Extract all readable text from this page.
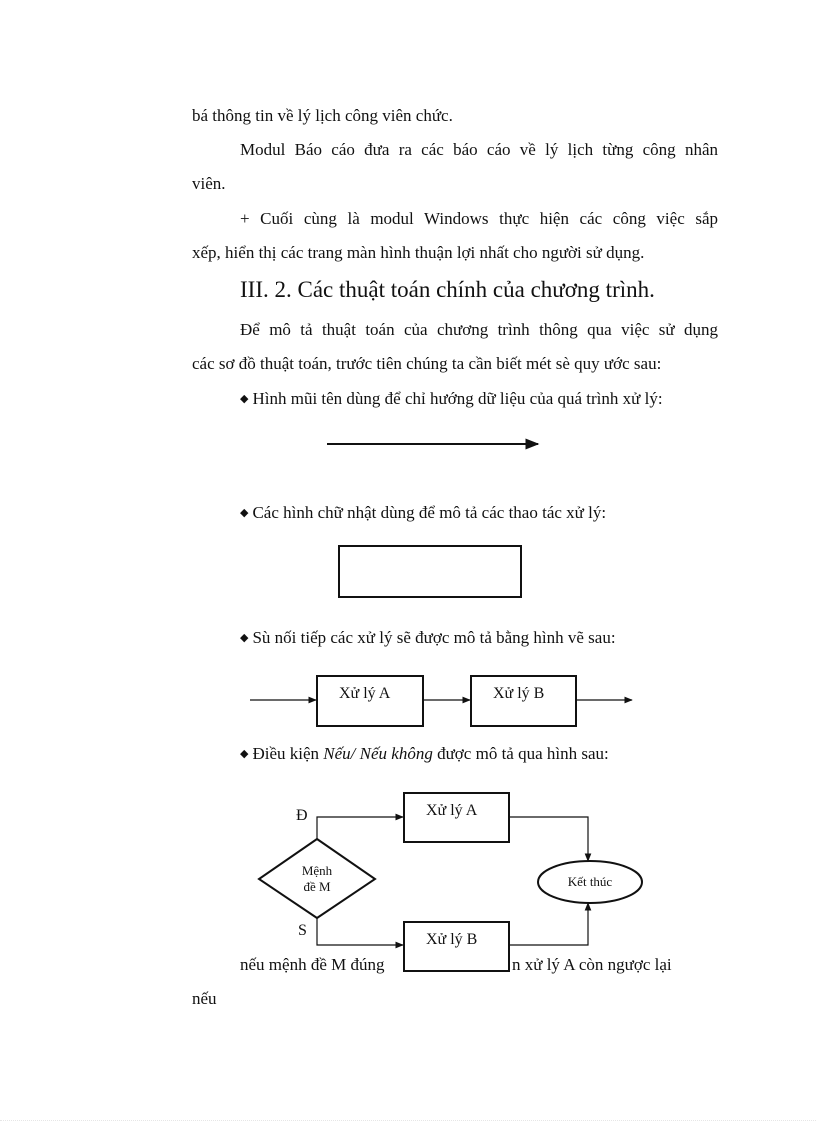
bá thông tin về lý lịch công viên chức.
Modul Báo cáo đưa ra các báo cáo về lý lịch từng công nhân
viên.
+ Cuối cùng là modul Windows thực hiện các công việc sắp
xếp, hiển thị các trang màn hình thuận lợi nhất cho người sử dụng.
III. 2. Các thuật toán chính của chương trình.
Để mô tả thuật toán của chương trình thông qua việc sử dụng
các sơ đồ thuật toán, trước tiên chúng ta cần biết mét sè quy ước sau:
◆ Hình mũi tên dùng để chỉ hướng dữ liệu của quá trình xử lý:
◆ Các hình chữ nhật dùng để mô tả các thao tác xử lý:
◆ Sù nối tiếp các xử lý sẽ được mô tả bằng hình vẽ sau:
◆ Điều kiện Nếu/ Nếu không được mô tả qua hình sau:
Xử lý A	Xử lý B
Mệnh
đề M
Đ
S
Xử lý A
Xử lý B
Kết thúc
nếu mệnh đề M đúng	n xử lý A còn ngược lại
nếu
